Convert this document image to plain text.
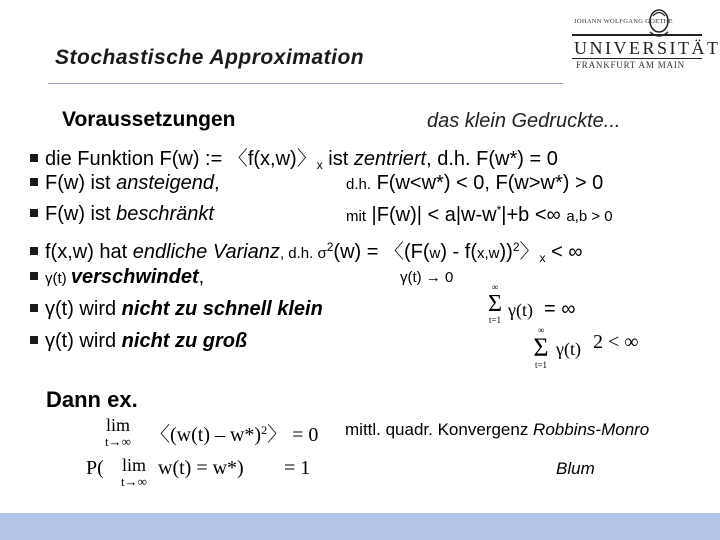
Stochastische Approximation
JOHANN WOLFGANG GOETHE
UNIVERSITÄT
FRANKFURT AM MAIN
Voraussetzungen	das klein Gedruckte...
die Funktion F(w) := 〈f(x,w)〉$_x$ ist zentriert, d.h. F(w*) = 0
F(w) ist ansteigend,	d.h. F(w<w*) < 0, F(w>w*) > 0
F(w) ist beschränkt	mit |F(w)| < a|w-w*|+b <∞ a,b > 0
f(x,w) hat endliche Varianz, d.h. $\sigma^2(w)$ = 〈(F(w) - f(x,w))$^2$〉$_x$ < ∞
γ(t) verschwindet,	γ(t) → 0
γ(t) wird nicht zu schnell klein
∞
Σ
t=1 γ(t) = ∞
γ(t) wird nicht zu groß	∞
Σ
t=1
γ(t) 2 < ∞
Dann ex.
lim
t→∞ 〈(w(t) – w*)$^2$〉 = 0
P(	lim
t→∞
w(t) = w*) = 1
mittl. quadr. Konvergenz Robbins-Monro
Blum
